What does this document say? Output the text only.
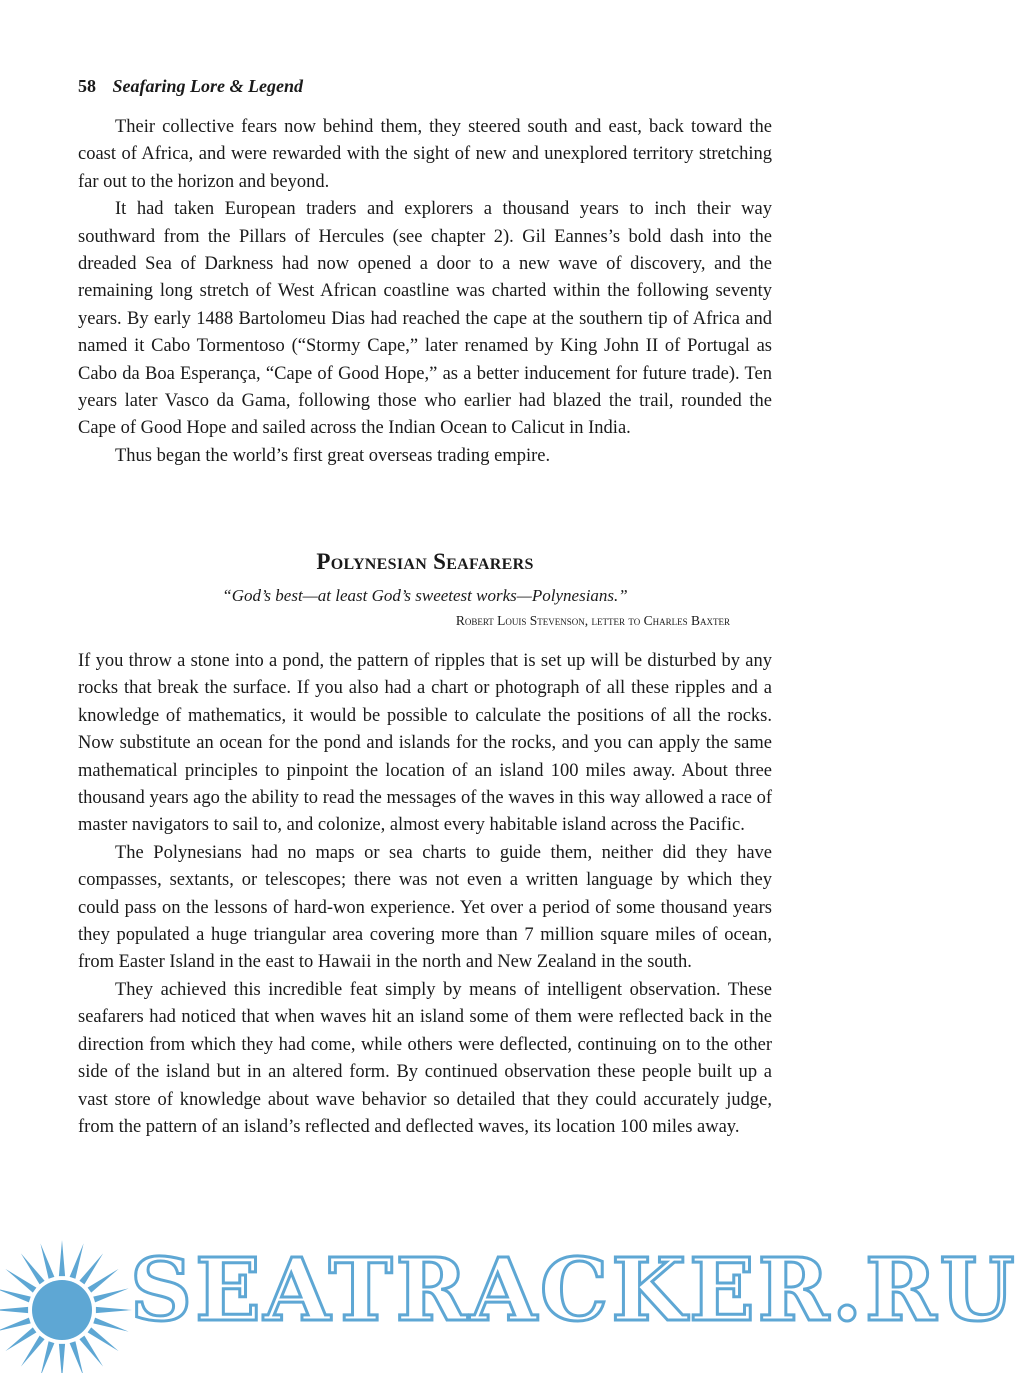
58 Seafaring Lore & Legend

Their collective fears now behind them, they steered south and east, back toward the coast of Africa, and were rewarded with the sight of new and unexplored territory stretching far out to the horizon and beyond.

It had taken European traders and explorers a thousand years to inch their way southward from the Pillars of Hercules (see chapter 2). Gil Eannes’s bold dash into the dreaded Sea of Darkness had now opened a door to a new wave of discovery, and the remaining long stretch of West African coastline was charted within the following seventy years. By early 1488 Bartolomeu Dias had reached the cape at the southern tip of Africa and named it Cabo Tormentoso (“Stormy Cape,” later renamed by King John II of Portugal as Cabo da Boa Esperança, “Cape of Good Hope,” as a better inducement for future trade). Ten years later Vasco da Gama, following those who earlier had blazed the trail, rounded the Cape of Good Hope and sailed across the Indian Ocean to Calicut in India.

Thus began the world’s first great overseas trading empire.

Polynesian Seafarers
“God’s best—at least God’s sweetest works—Polynesians.”
Robert Louis Stevenson, letter to Charles Baxter

If you throw a stone into a pond, the pattern of ripples that is set up will be disturbed by any rocks that break the surface. If you also had a chart or photograph of all these ripples and a knowledge of mathematics, it would be possible to calculate the positions of all the rocks. Now substitute an ocean for the pond and islands for the rocks, and you can apply the same mathematical principles to pinpoint the location of an island 100 miles away. About three thousand years ago the ability to read the messages of the waves in this way allowed a race of master navigators to sail to, and colonize, almost every habitable island across the Pacific.

The Polynesians had no maps or sea charts to guide them, neither did they have compasses, sextants, or telescopes; there was not even a written language by which they could pass on the lessons of hard-won experience. Yet over a period of some thousand years they populated a huge triangular area covering more than 7 million square miles of ocean, from Easter Island in the east to Hawaii in the north and New Zealand in the south.

They achieved this incredible feat simply by means of intelligent observation. These seafarers had noticed that when waves hit an island some of them were reflected back in the direction from which they had come, while others were deflected, continuing on to the other side of the island but in an altered form. By continued observation these people built up a vast store of knowledge about wave behavior so detailed that they could accurately judge, from the pattern of an island’s reflected and deflected waves, its location 100 miles away.

SEATRACKER.RU
